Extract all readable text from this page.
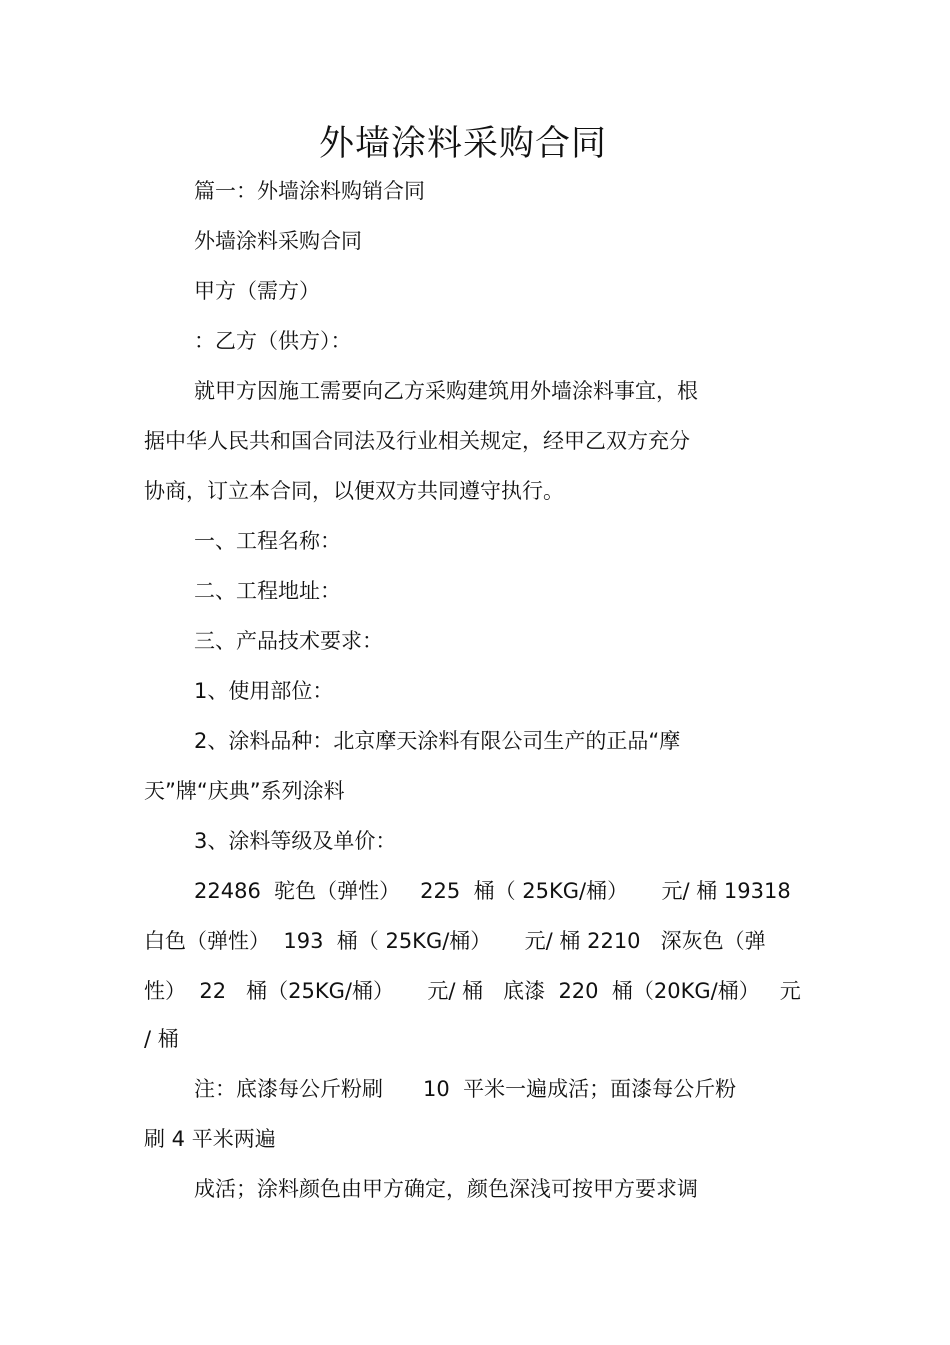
外墙涂料采购合同
篇一：外墙涂料购销合同
外墙涂料采购合同
甲方（需方）
：乙方（供方）：
就甲方因施工需要向乙方采购建筑用外墙涂料事宜，根
据中华人民共和国合同法及行业相关规定，经甲乙双方充分
协商，订立本合同，以便双方共同遵守执行。
一、工程名称：
二、工程地址：
三、产品技术要求：
1、使用部位：
2、涂料品种：北京摩天涂料有限公司生产的正品“摩
天”牌“庆典”系列涂料
3、涂料等级及单价：
22486  驼色（弹性）   225  桶（ 25KG/桶）     元/ 桶 19318
白色（弹性）  193  桶（ 25KG/桶）     元/ 桶 2210   深灰色（弹
性）  22   桶（25KG/桶）     元/ 桶   底漆  220  桶（20KG/桶）   元
/ 桶
注：底漆每公斤粉刷      10  平米一遍成活；面漆每公斤粉
刷 4 平米两遍
成活；涂料颜色由甲方确定，颜色深浅可按甲方要求调
